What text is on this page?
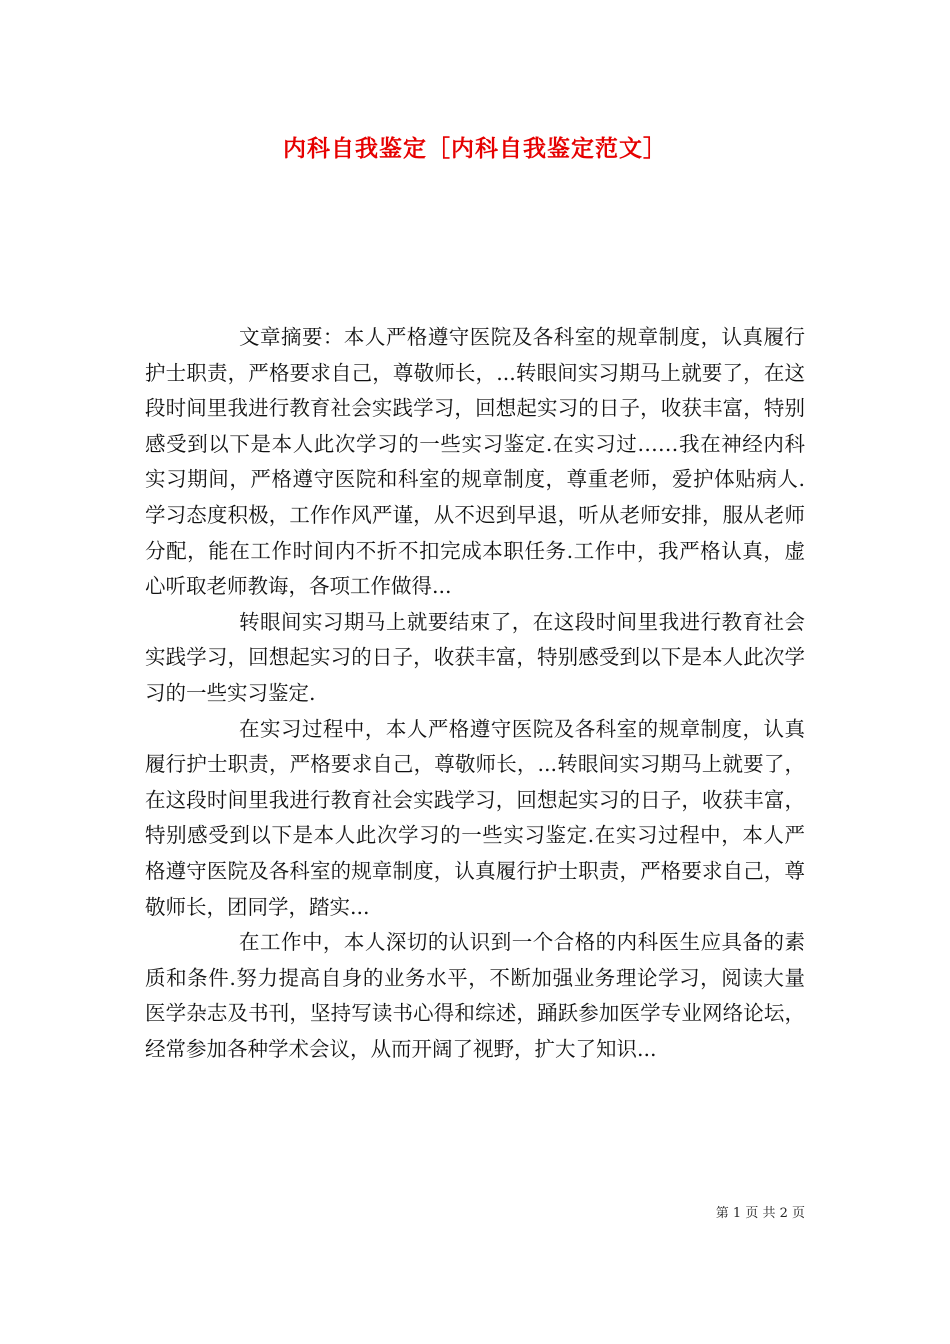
内科自我鉴定［内科自我鉴定范文］

文章摘要：本人严格遵守医院及各科室的规章制度，认真履行护士职责，严格要求自己，尊敬师长，...转眼间实习期马上就要了，在这段时间里我进行教育社会实践学习，回想起实习的日子，收获丰富，特别感受到以下是本人此次学习的一些实习鉴定.在实习过……我在神经内科实习期间，严格遵守医院和科室的规章制度，尊重老师，爱护体贴病人.学习态度积极，工作作风严谨，从不迟到早退，听从老师安排，服从老师分配，能在工作时间内不折不扣完成本职任务.工作中，我严格认真，虚心听取老师教诲，各项工作做得...

转眼间实习期马上就要结束了，在这段时间里我进行教育社会实践学习，回想起实习的日子，收获丰富，特别感受到以下是本人此次学习的一些实习鉴定.

在实习过程中，本人严格遵守医院及各科室的规章制度，认真履行护士职责，严格要求自己，尊敬师长，...转眼间实习期马上就要了，在这段时间里我进行教育社会实践学习，回想起实习的日子，收获丰富，特别感受到以下是本人此次学习的一些实习鉴定.在实习过程中，本人严格遵守医院及各科室的规章制度，认真履行护士职责，严格要求自己，尊敬师长，团同学，踏实...

在工作中，本人深切的认识到一个合格的内科医生应具备的素质和条件.努力提高自身的业务水平，不断加强业务理论学习，阅读大量医学杂志及书刊，坚持写读书心得和综述，踊跃参加医学专业网络论坛，经常参加各种学术会议，从而开阔了视野，扩大了知识...

第 1 页 共 2 页
